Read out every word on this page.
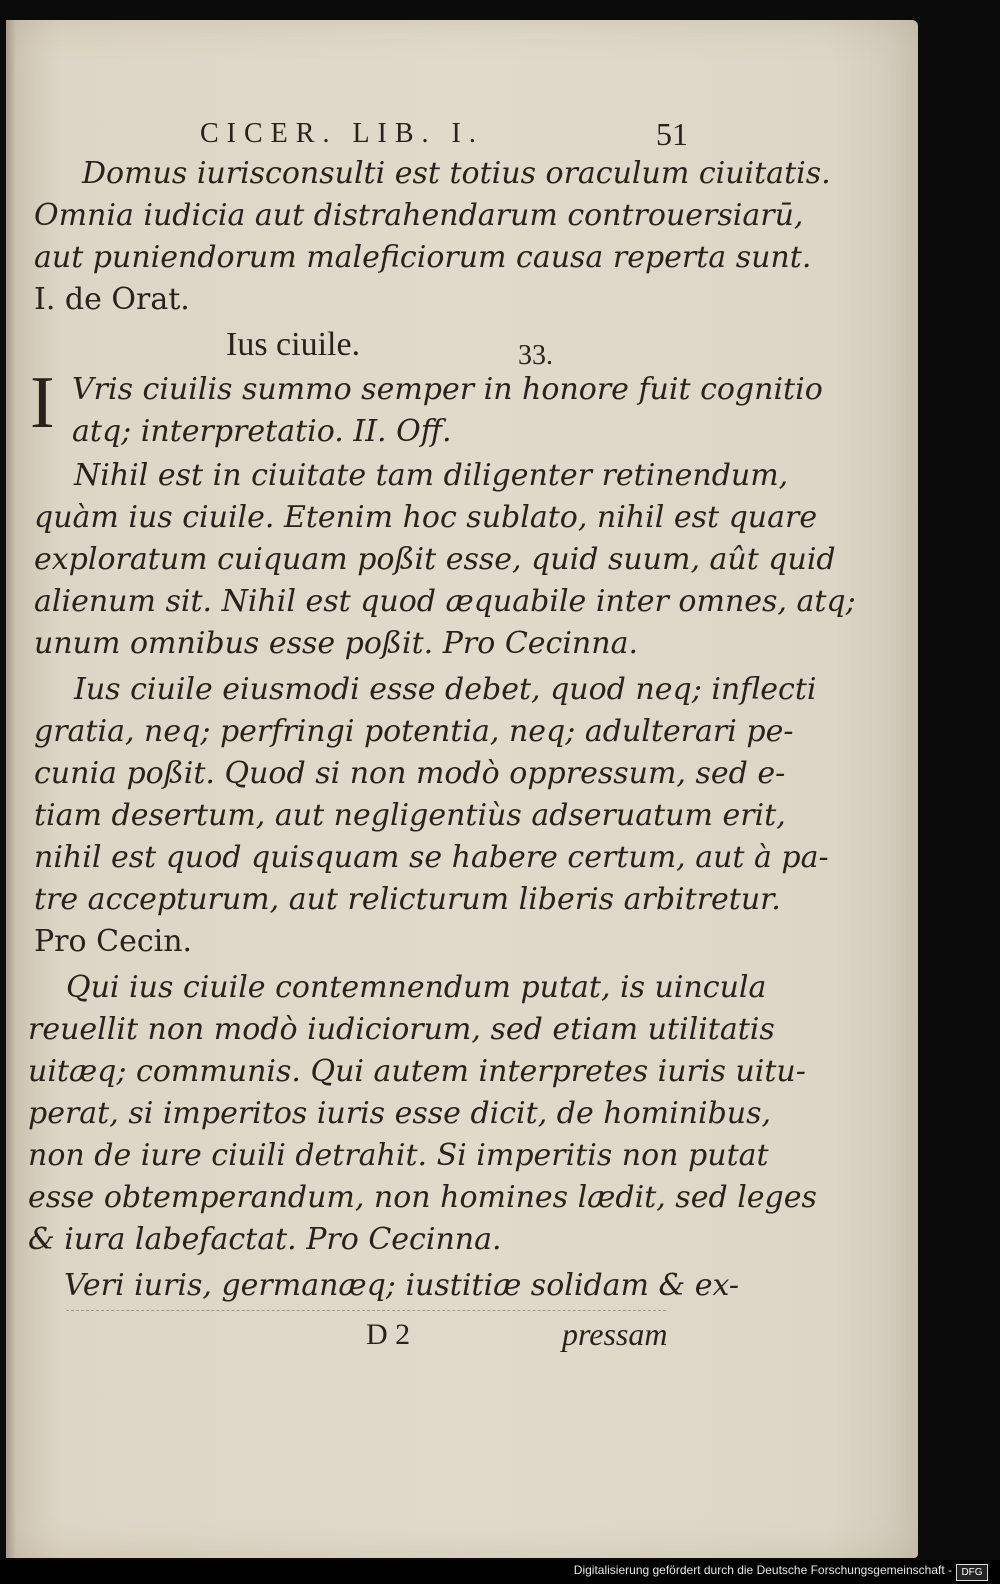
CICER. LIB. I.	51
Domus iurisconsulti est totius oraculum ciuitatis.
Omnia iudicia aut distrahendarum controuersiarū,
aut puniendorum maleficiorum causa reperta sunt.
I. de Orat.
Ius ciuile.	33.
I Vris ciuilis summo semper in honore fuit cognitio
atq; interpretatio. II. Off.
Nihil est in ciuitate tam diligenter retinendum,
quàm ius ciuile. Etenim hoc sublato, nihil est quare
exploratum cuiquam poßit esse, quid suum, aût quid
alienum sit. Nihil est quod æquabile inter omnes, atq;
unum omnibus esse poßit. Pro Cecinna.
Ius ciuile eiusmodi esse debet, quod neq; inflecti
gratia, neq; perfringi potentia, neq; adulterari pe-
cunia poßit. Quod si non modò oppressum, sed e-
tiam desertum, aut negligentiùs adseruatum erit,
nihil est quod quisquam se habere certum, aut à pa-
tre accepturum, aut relicturum liberis arbitretur.
Pro Cecin.
Qui ius ciuile contemnendum putat, is uincula
reuellit non modò iudiciorum, sed etiam utilitatis
uitæq; communis. Qui autem interpretes iuris uitu-
perat, si imperitos iuris esse dicit, de hominibus,
non de iure ciuili detrahit. Si imperitis non putat
esse obtemperandum, non homines lædit, sed leges
& iura labefactat. Pro Cecinna.
Veri iuris, germanæq; iustitiæ solidam & ex-
D 2	pressam
Digitalisierung gefördert durch die Deutsche Forschungsgemeinschaft - DFG
